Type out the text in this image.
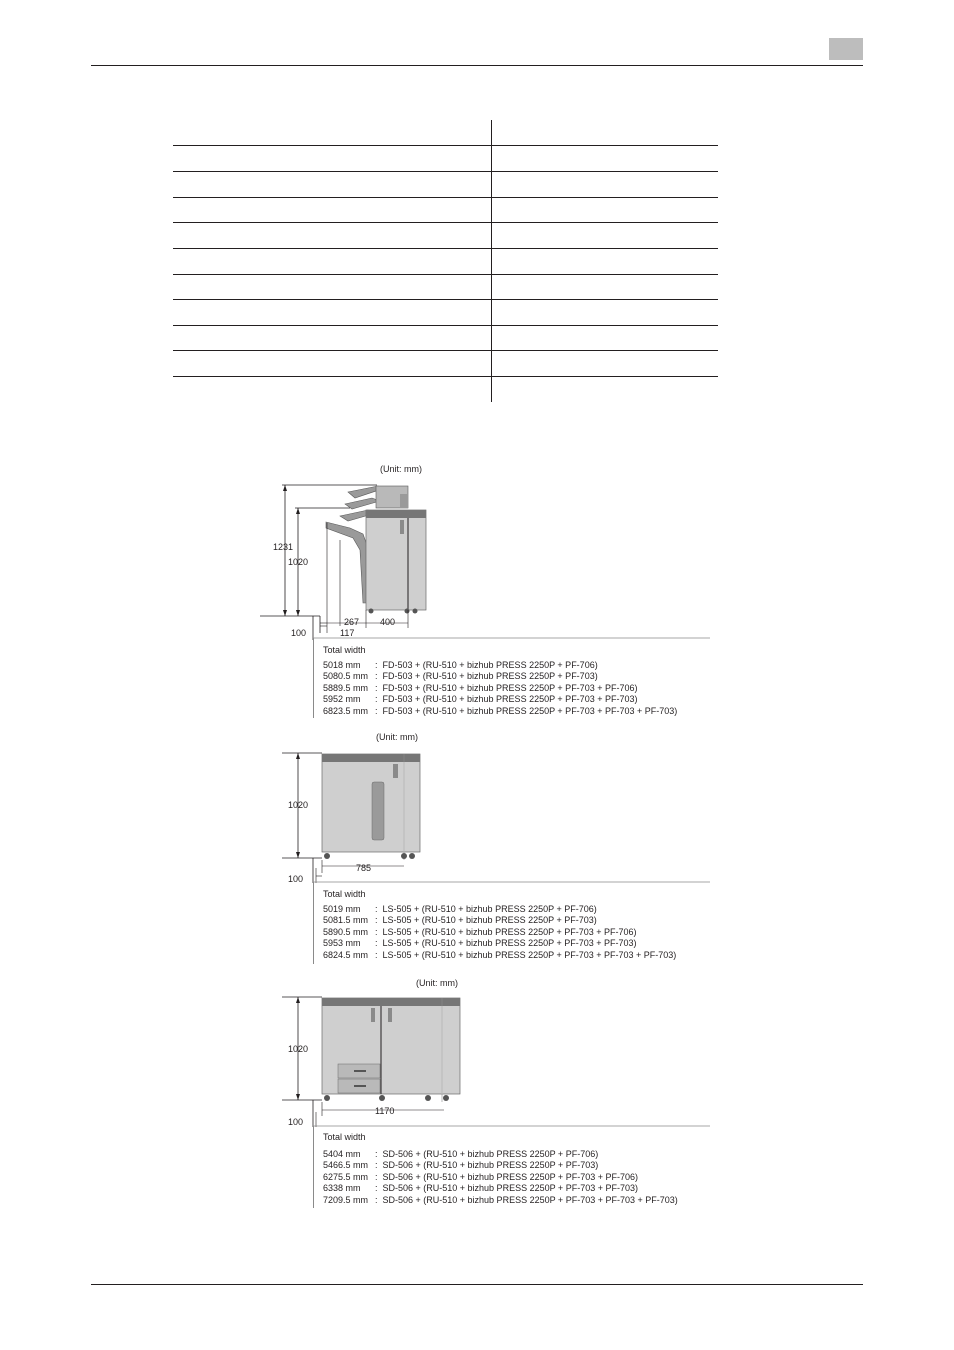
(Unit: mm)
1231
1020
267 400
117
100
Total width
5018 mm :  FD-503 + (RU-510 + bizhub PRESS 2250P + PF-706)
5080.5 mm :  FD-503 + (RU-510 + bizhub PRESS 2250P + PF-703)
5889.5 mm :  FD-503 + (RU-510 + bizhub PRESS 2250P + PF-703 + PF-706)
5952 mm :  FD-503 + (RU-510 + bizhub PRESS 2250P + PF-703 + PF-703)
6823.5 mm :  FD-503 + (RU-510 + bizhub PRESS 2250P + PF-703 + PF-703 + PF-703)
(Unit: mm)
1020
785
100
Total width
5019 mm :  LS-505 + (RU-510 + bizhub PRESS 2250P + PF-706)
5081.5 mm :  LS-505 + (RU-510 + bizhub PRESS 2250P + PF-703)
5890.5 mm :  LS-505 + (RU-510 + bizhub PRESS 2250P + PF-703 + PF-706)
5953 mm :  LS-505 + (RU-510 + bizhub PRESS 2250P + PF-703 + PF-703)
6824.5 mm :  LS-505 + (RU-510 + bizhub PRESS 2250P + PF-703 + PF-703 + PF-703)
(Unit: mm)
1020
1170
100
Total width
5404 mm :  SD-506 + (RU-510 + bizhub PRESS 2250P + PF-706)
5466.5 mm :  SD-506 + (RU-510 + bizhub PRESS 2250P + PF-703)
6275.5 mm :  SD-506 + (RU-510 + bizhub PRESS 2250P + PF-703 + PF-706)
6338 mm :  SD-506 + (RU-510 + bizhub PRESS 2250P + PF-703 + PF-703)
7209.5 mm :  SD-506 + (RU-510 + bizhub PRESS 2250P + PF-703 + PF-703 + PF-703)
